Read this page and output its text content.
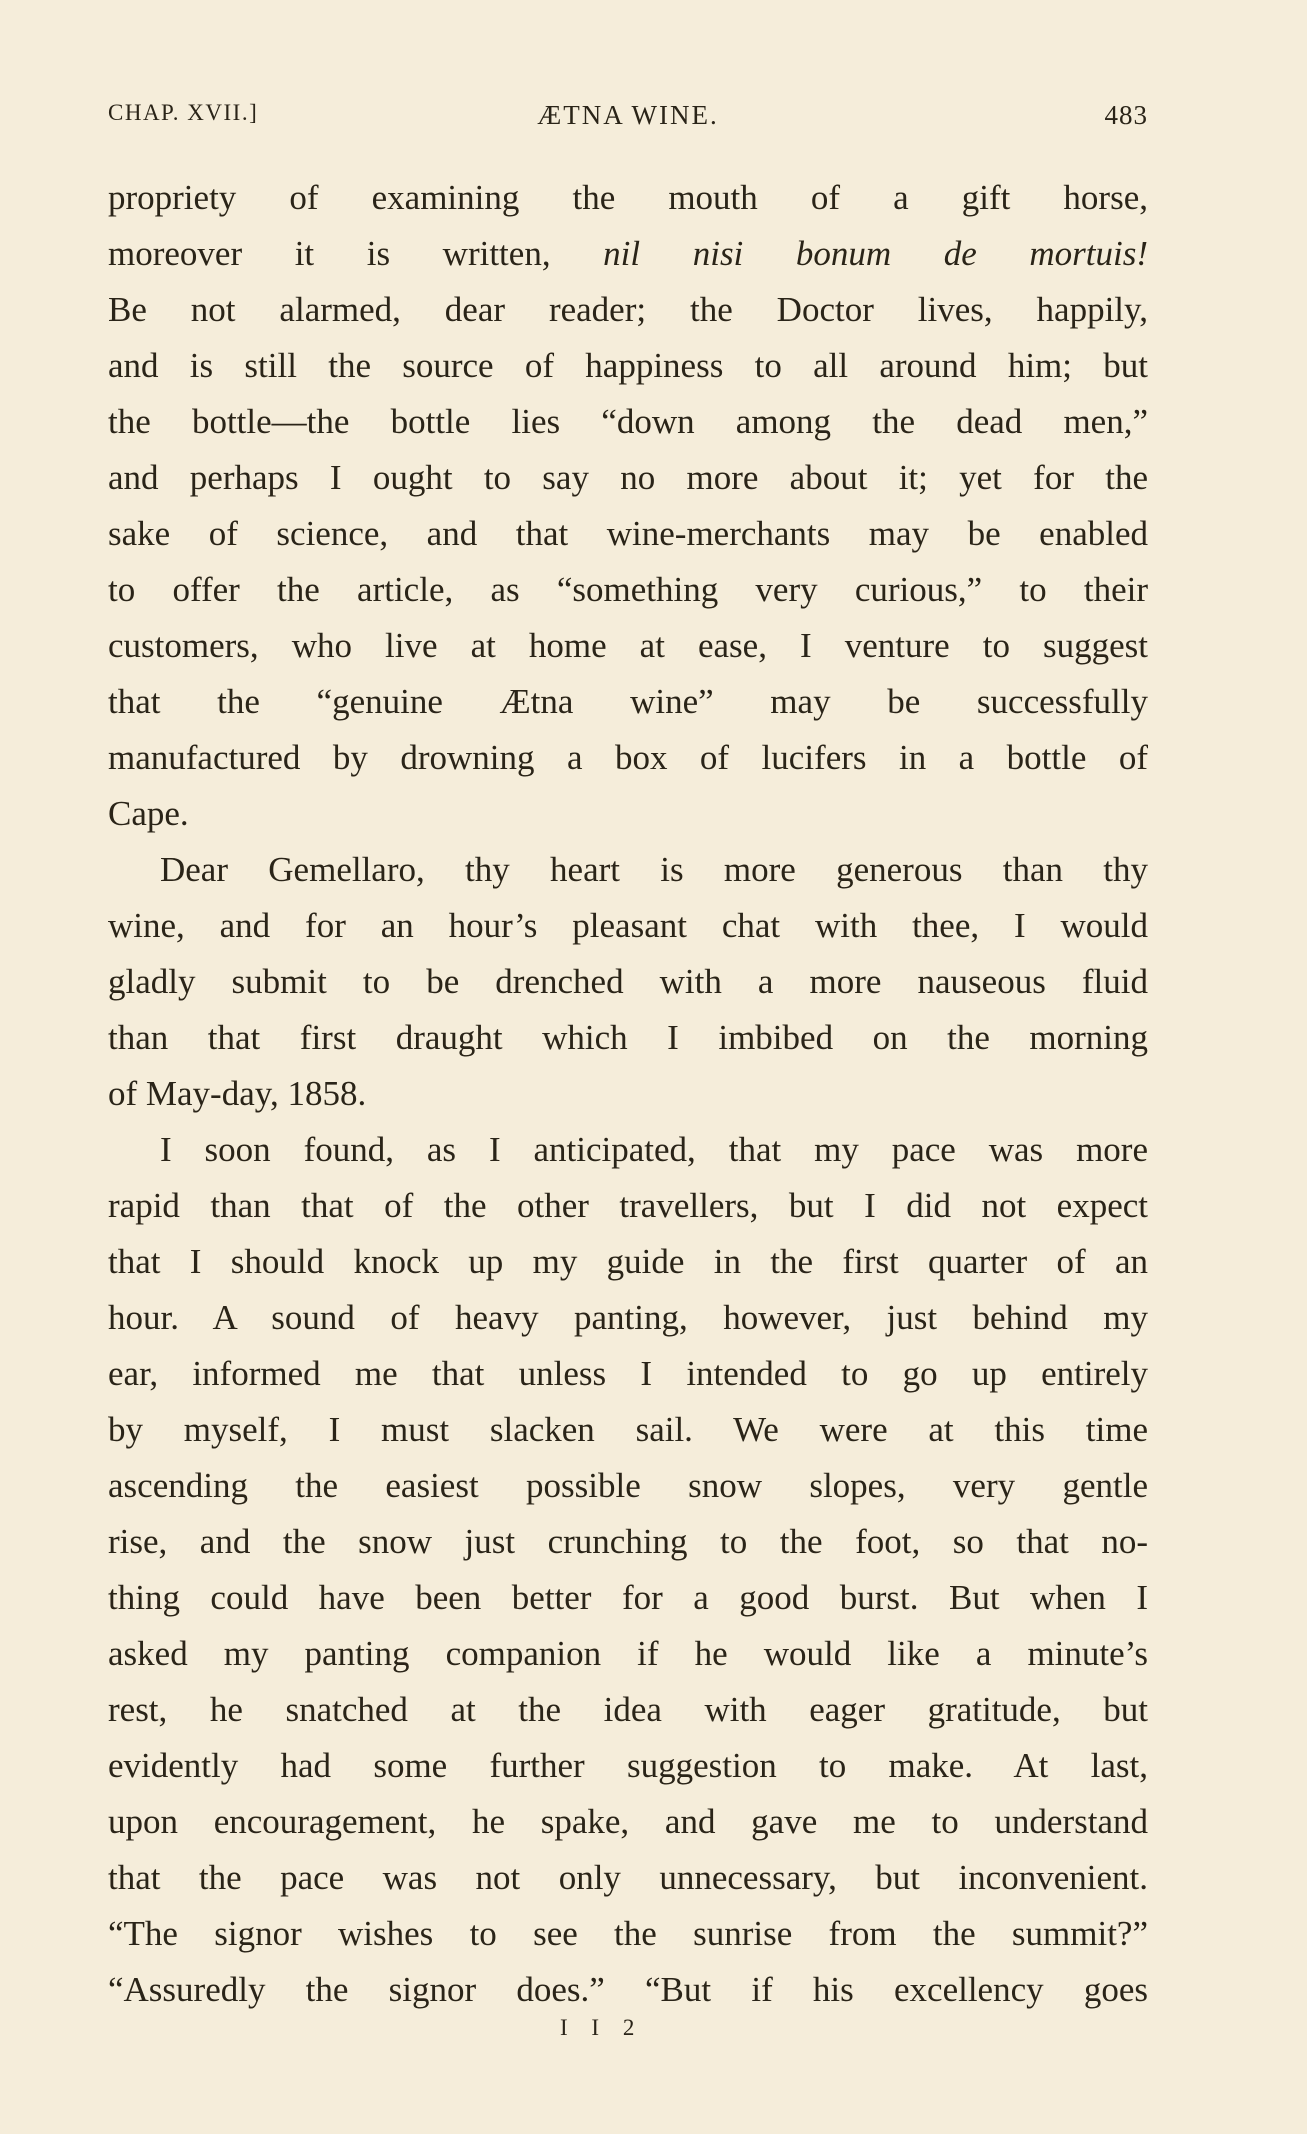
CHAP. XVII.]	ÆTNA WINE.	483
propriety of examining the mouth of a gift horse,
moreover it is written, nil nisi bonum de mortuis!
Be not alarmed, dear reader; the Doctor lives, happily,
and is still the source of happiness to all around him; but
the bottle—the bottle lies “down among the dead men,”
and perhaps I ought to say no more about it; yet for the
sake of science, and that wine-merchants may be enabled
to offer the article, as “something very curious,” to their
customers, who live at home at ease, I venture to suggest
that the “genuine Ætna wine” may be successfully
manufactured by drowning a box of lucifers in a bottle of
Cape.
Dear Gemellaro, thy heart is more generous than thy
wine, and for an hour’s pleasant chat with thee, I would
gladly submit to be drenched with a more nauseous fluid
than that first draught which I imbibed on the morning
of May-day, 1858.
I soon found, as I anticipated, that my pace was more
rapid than that of the other travellers, but I did not expect
that I should knock up my guide in the first quarter of an
hour. A sound of heavy panting, however, just behind my
ear, informed me that unless I intended to go up entirely
by myself, I must slacken sail. We were at this time
ascending the easiest possible snow slopes, very gentle
rise, and the snow just crunching to the foot, so that no-
thing could have been better for a good burst. But when I
asked my panting companion if he would like a minute’s
rest, he snatched at the idea with eager gratitude, but
evidently had some further suggestion to make. At last,
upon encouragement, he spake, and gave me to understand
that the pace was not only unnecessary, but inconvenient.
“The signor wishes to see the sunrise from the summit?”
“Assuredly the signor does.” “But if his excellency goes
I I 2
